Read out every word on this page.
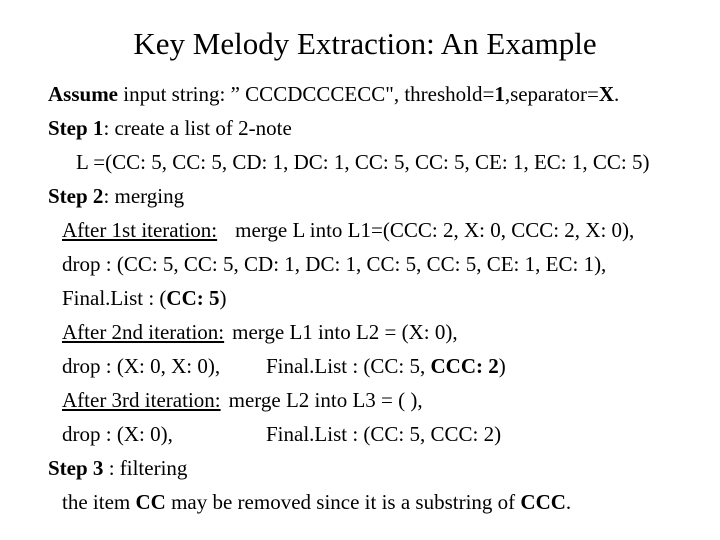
Key Melody Extraction: An Example
Assume input string: ” CCCDCCCECC", threshold=1,separator=X.
Step 1: create a list of 2-note
L =(CC: 5, CC: 5, CD: 1, DC: 1, CC: 5, CC: 5, CE: 1, EC: 1, CC: 5)
Step 2: merging
After 1st iteration: merge L into L1=(CCC: 2, X: 0, CCC: 2, X: 0),
drop : (CC: 5, CC: 5, CD: 1, DC: 1, CC: 5, CC: 5, CE: 1, EC: 1),
Final.List : (CC: 5)
After 2nd iteration: merge L1 into L2 = (X: 0),
drop : (X: 0, X: 0), Final.List : (CC: 5, CCC: 2)
After 3rd iteration: merge L2 into L3 = ( ),
drop : (X: 0),	Final.List : (CC: 5, CCC: 2)
Step 3 : filtering
the item CC may be removed since it is a substring of CCC.
